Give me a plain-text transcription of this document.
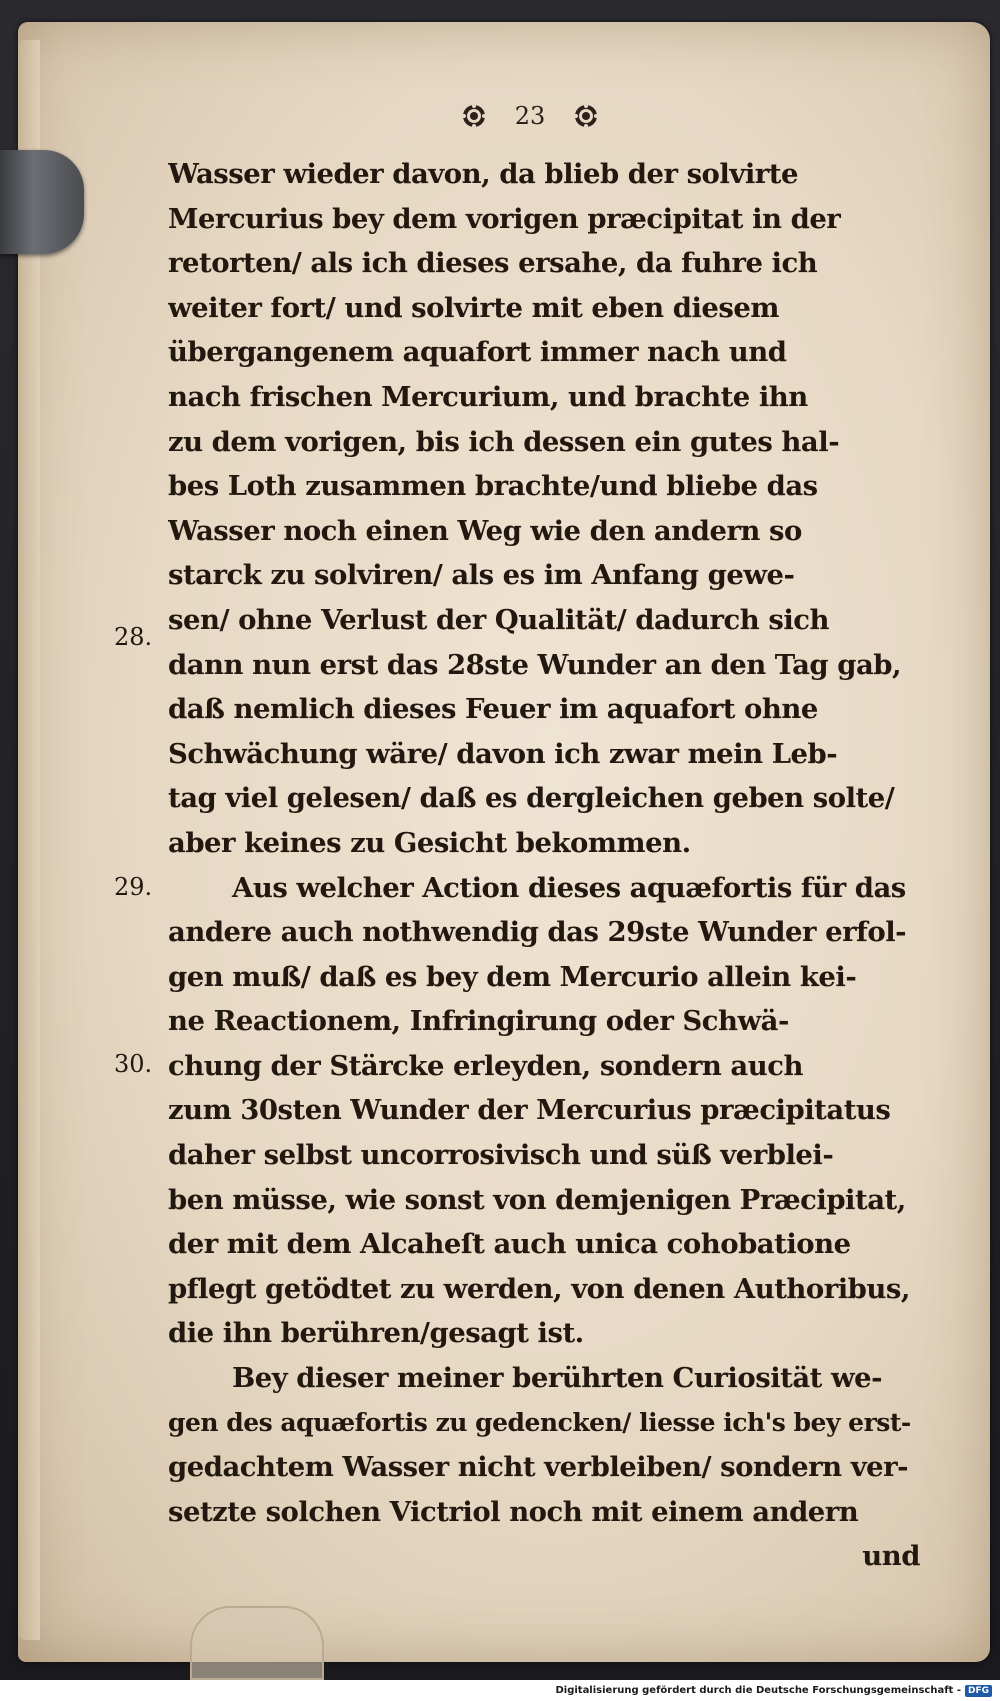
23
28.
29.
30.
Wasser wieder davon, da blieb der solvirte
Mercurius bey dem vorigen præcipitat in der
retorten/ als ich dieses ersahe, da fuhre ich
weiter fort/ und solvirte mit eben diesem
übergangenem aquafort immer nach und
nach frischen Mercurium, und brachte ihn
zu dem vorigen, bis ich dessen ein gutes hal-
bes Loth zusammen brachte/und bliebe das
Wasser noch einen Weg wie den andern so
starck zu solviren/ als es im Anfang gewe-
sen/ ohne Verlust der Qualität/ dadurch sich
dann nun erst das 28ste Wunder an den Tag gab,
daß nemlich dieses Feuer im aquafort ohne
Schwächung wäre/ davon ich zwar mein Leb-
tag viel gelesen/ daß es dergleichen geben solte/
aber keines zu Gesicht bekommen.
Aus welcher Action dieses aquæfortis für das
andere auch nothwendig das 29ste Wunder erfol-
gen muß/ daß es bey dem Mercurio allein kei-
ne Reactionem, Infringirung oder Schwä-
chung der Stärcke erleyden, sondern auch
zum 30sten Wunder der Mercurius præcipitatus
daher selbst uncorrosivisch und süß verblei-
ben müsse, wie sonst von demjenigen Præcipitat,
der mit dem Alcaheſt auch unica cohobatione
pflegt getödtet zu werden, von denen Authoribus,
die ihn berühren/gesagt ist.
Bey dieser meiner berührten Curiosität we-
gen des aquæfortis zu gedencken/ liesse ich's bey erst-
gedachtem Wasser nicht verbleiben/ sondern ver-
setzte solchen Victriol noch mit einem andern
und
Digitalisierung gefördert durch die Deutsche Forschungsgemeinschaft - DFG
